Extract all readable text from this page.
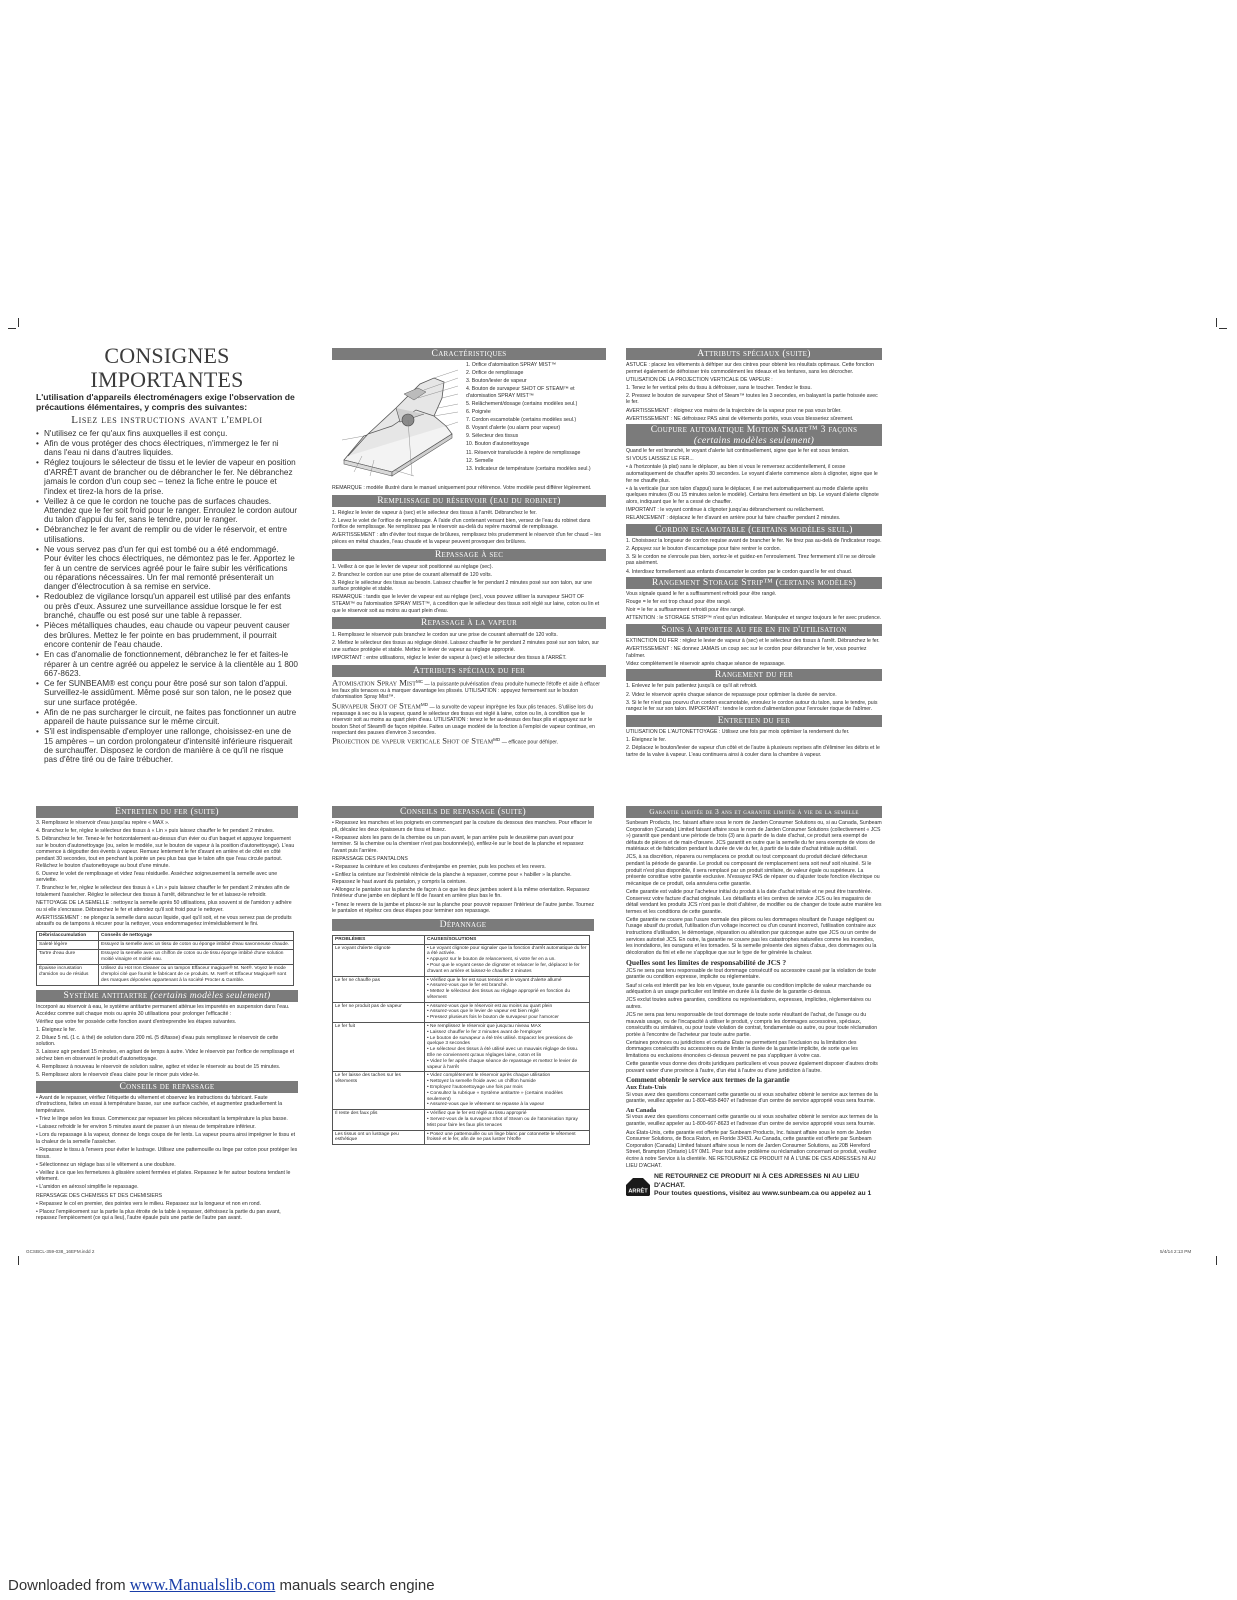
CONSIGNES IMPORTANTES
L'utilisation d'appareils électroménagers exige l'observation de précautions élémentaires, y compris des suivantes:
Lisez les instructions avant l'emploi
• N'utilisez ce fer qu'aux fins auxquelles il est conçu.
• Afin de vous protéger des chocs électriques, n'immergez le fer ni dans l'eau ni dans d'autres liquides.
• Réglez toujours le sélecteur de tissu et le levier de vapeur en position d'ARRÊT avant de brancher ou de débrancher le fer. Ne débranchez jamais le cordon d'un coup sec – tenez la fiche entre le pouce et l'index et tirez-la hors de la prise.
• Veillez à ce que le cordon ne touche pas de surfaces chaudes. Attendez que le fer soit froid pour le ranger. Enroulez le cordon autour du talon d'appui du fer, sans le tendre, pour le ranger.
• Débranchez le fer avant de remplir ou de vider le réservoir, et entre utilisations.
• Ne vous servez pas d'un fer qui est tombé ou a été endommagé. Pour éviter les chocs électriques, ne démontez pas le fer. Apportez le fer à un centre de services agréé pour le faire subir les vérifications ou réparations nécessaires. Un fer mal remonté présenterait un danger d'électrocution à sa remise en service.
• Redoublez de vigilance lorsqu'un appareil est utilisé par des enfants ou près d'eux. Assurez une surveillance assidue lorsque le fer est branché, chauffe ou est posé sur une table à repasser.
• Pièces métalliques chaudes, eau chaude ou vapeur peuvent causer des brûlures. Mettez le fer pointe en bas prudemment, il pourrait encore contenir de l'eau chaude.
• En cas d'anomalie de fonctionnement, débranchez le fer et faites-le réparer à un centre agréé ou appelez le service à la clientèle au 1 800 667-8623.
• Ce fer SUNBEAM® est conçu pour être posé sur son talon d'appui. Surveillez-le assidûment. Même posé sur son talon, ne le posez que sur une surface protégée.
• Afin de ne pas surcharger le circuit, ne faites pas fonctionner un autre appareil de haute puissance sur le même circuit.
• S'il est indispensable d'employer une rallonge, choisissez-en une de 15 ampères – un cordon prolongateur d'intensité inférieure risquerait de surchauffer. Disposez le cordon de manière à ce qu'il ne risque pas d'être tiré ou de faire trébucher.
Caractéristiques

1. Orifice d'atomisation SPRAY MIST™

2. Orifice de remplissage

3. Bouton/levier de vapeur

4. Bouton de survapeur SHOT OF STEAM™ et d'atomisation SPRAY MIST™

5. Relâchement/dosage (certains modèles seul.)

6. Poignée

7. Cordon escamotable (certains modèles seul.)

8. Voyant d'alerte (ou alarm pour vapeur)

9. Sélecteur des tissus

10. Bouton d'autonettoyage

11. Réservoir translucide à repère de remplissage

12. Semelle

13. Indicateur de température (certains modèles seul.)

REMARQUE : modèle illustré dans le manuel uniquement pour référence. Votre modèle peut différer légèrement.
Remplissage du réservoir (eau du robinet)

1. Réglez le levier de vapeur à (sec) et le sélecteur des tissus à l'arrêt. Débranchez le fer.

2. Levez le volet de l'orifice de remplissage. À l'aide d'un contenant versant bien, versez de l'eau du robinet dans l'orifice de remplissage. Ne remplissez pas le réservoir au-delà du repère maximal de remplissage.

AVERTISSEMENT : afin d'éviter tout risque de brûlures, remplissez très prudemment le réservoir d'un fer chaud – les pièces en métal chaudes, l'eau chaude et la vapeur peuvent provoquer des brûlures.

Repassage à sec

1. Veillez à ce que le levier de vapeur soit positionné au réglage (sec).

2. Branchez le cordon sur une prise de courant alternatif de 120 volts.

3. Réglez le sélecteur des tissus au besoin. Laissez chauffer le fer pendant 2 minutes posé sur son talon, sur une surface protégée et stable.

REMARQUE : tandis que le levier de vapeur est au réglage (sec), vous pouvez utiliser la survapeur SHOT OF STEAM™ ou l'atomisation SPRAY MIST™, à condition que le sélecteur des tissus soit réglé sur laine, coton ou lin et que le réservoir soit au moins au quart plein d'eau.

Repassage à la vapeur

1. Remplissez le réservoir puis branchez le cordon sur une prise de courant alternatif de 120 volts.

2. Mettez le sélecteur des tissus au réglage désiré. Laissez chauffer le fer pendant 2 minutes posé sur son talon, sur une surface protégée et stable. Mettez le levier de vapeur au réglage approprié.

IMPORTANT : entre utilisations, réglez le levier de vapeur à (sec) et le sélecteur des tissus à l'ARRÊT.

Attributs spéciaux du fer
Atomisation Spray Mist$^{MC}$ — la puissante pulvérisation d'eau produite humecte l'étoffe et aide à effacer les faux plis tenaces ou à marquer davantage les plissés. UTILISATION : appuyez fermement sur le bouton d'atomisation Spray Mist™.
Survapeur Shot of Steam$^{MD}$ — la survolte de vapeur imprègne les faux plis tenaces. S'utilise lors du repassage à sec ou à la vapeur, quand le sélecteur des tissus est réglé à laine, coton ou lin, à condition que le réservoir soit au moins au quart plein d'eau. UTILISATION : tenez le fer au-dessus des faux plis et appuyez sur le bouton Shot of Steam® de façon répétée. Faites un usage modéré de la fonction à l'emploi de vapeur continue, en respectant des pauses d'environ 3 secondes.
Projection de vapeur verticale Shot of Steam$^{MD}$ — efficace pour défriper.
Attributs spéciaux (suite)

ASTUCE : placez les vêtements à défriper sur des cintres pour obtenir les résultats optimaux. Cette fonction permet également de défroisser très commodément les rideaux et les tentures, sans les décrocher.

UTILISATION DE LA PROJECTION VERTICALE DE VAPEUR :

1. Tenez le fer vertical près du tissu à défroisser, sans le toucher. Tendez le tissu.

2. Pressez le bouton de survapeur Shot of Steam™ toutes les 3 secondes, en balayant la partie froissée avec le fer.

AVERTISSEMENT : éloignez vos mains de la trajectoire de la vapeur pour ne pas vous brûler.

AVERTISSEMENT : NE défroissez PAS ainsi de vêtements portés, vous vous blesseriez sûrement.

Coupure automatique Motion Smart™ 3 façons
(certains modèles seulement)

Quand le fer est branché, le voyant d'alerte luit continuellement, signe que le fer est sous tension.

SI VOUS LAISSEZ LE FER...

• à l'horizontale (à plat) sans le déplacer, au bien si vous le renversez accidentellement, il cesse automatiquement de chauffer après 30 secondes. Le voyant d'alerte commence alors à clignoter, signe que le fer ne chauffe plus.

• à la verticale (sur son talon d'appui) sans le déplacer, il se met automatiquement au mode d'alerte après quelques minutes (8 ou 15 minutes selon le modèle). Certains fers émettent un bip. Le voyant d'alerte clignote alors, indiquant que le fer a cessé de chauffer.

IMPORTANT : le voyant continue à clignoter jusqu'au débranchement ou relâchement.

RELANCEMENT : déplacez le fer d'avant en arrière pour lui faire chauffer pendant 2 minutes.

Cordon escamotable (certains modèles seul.)

1. Choisissez la longueur de cordon requise avant de brancher le fer. Ne tirez pas au-delà de l'indicateur rouge.

2. Appuyez sur le bouton d'escamotage pour faire rentrer le cordon.

3. Si le cordon ne s'enroule pas bien, sortez-le et guidez-en l'enroulement. Tirez fermement s'il ne se déroule pas aisément.

4. Interdisez formellement aux enfants d'escamoter le cordon par le cordon quand le fer est chaud.

Rangement Storage Strip™ (certains modèles)

Vous signale quand le fer a suffisamment refroidi pour être rangé.

Rouge = le fer est trop chaud pour être rangé.

Noir = le fer a suffisamment refroidi pour être rangé.

ATTENTION : le STORAGE STRIP™ n'est qu'un indicateur. Manipulez et rangez toujours le fer avec prudence.

Soins à apporter au fer en fin d'utilisation

EXTINCTION DU FER : réglez le levier de vapeur à (sec) et le sélecteur des tissus à l'arrêt. Débranchez le fer.

AVERTISSEMENT : NE donnez JAMAIS un coup sec sur le cordon pour débrancher le fer, vous pourriez l'abîmer.

Videz complètement le réservoir après chaque séance de repassage.

Rangement du fer

1. Enlevez le fer puis patientez jusqu'à ce qu'il ait refroidi.

2. Videz le réservoir après chaque séance de repassage pour optimiser la durée de service.

3. Si le fer n'est pas pourvu d'un cordon escamotable, enroulez le cordon autour du talon, sans le tendre, puis rangez le fer sur son talon. IMPORTANT : tendre le cordon d'alimentation pour l'enrouler risque de l'abîmer.

Entretien du fer

UTILISATION DE L'AUTONETTOYAGE : Utilisez une fois par mois optimiser la rendement du fer.

1. Éteignez le fer.

2. Déplacez le bouton/levier de vapeur d'un côté et de l'autre à plusieurs reprises afin d'éliminer les débris et le tartre de la valve à vapeur. L'eau continuera ainsi à couler dans la chambre à vapeur.

Entretien du fer (suite)

3. Remplissez le réservoir d'eau jusqu'au repère « MAX ».

4. Branchez le fer, réglez le sélecteur des tissus à « Lin » puis laissez chauffer le fer pendant 2 minutes.

5. Débranchez le fer. Tenez-le fer horizontalement au-dessus d'un évier ou d'un baquet et appuyez longuement sur le bouton d'autonettoyage (ou, selon le modèle, sur le bouton de vapeur à la position d'autonettoyage). L'eau commence à dégoutter des évents à vapeur. Remuez lentement le fer d'avant en arrière et de côté en côté pendant 30 secondes, tout en penchant la pointe un peu plus bas que le talon afin que l'eau circule partout. Relâchez le bouton d'autonettoyage au bout d'une minute.

6. Ouvrez le volet de remplissage et videz l'eau résiduelle. Asséchez soigneusement la semelle avec une serviette.

7. Branchez le fer, réglez le sélecteur des tissus à « Lin » puis laissez chauffer le fer pendant 2 minutes afin de totalement l'assécher. Réglez le sélecteur des tissus à l'arrêt, débranchez le fer et laissez-le refroidir.

NETTOYAGE DE LA SEMELLE : nettoyez la semelle après 50 utilisations, plus souvent si de l'amidon y adhère ou si elle s'encrasse. Débranchez le fer et attendez qu'il soit froid pour le nettoyer.

AVERTISSEMENT : ne plongez la semelle dans aucun liquide, quel qu'il soit, et ne vous servez pas de produits abrasifs ou de tampons à récurer pour la nettoyer, vous endommageriez irrémédiablement le fini.

Débris/accumulation	Conseils de nettoyage
Saleté légère	Essuyez la semelle avec un tissu de coton ou éponge imbibé d'eau savonneuse chaude.
Tartre d'eau dure	Essuyez la semelle avec un chiffon de coton ou de tissu éponge imbibé d'une solution moitié vinaigre et moitié eau.
Épaisse incrustation d'amidon ou de résidus	Utilisez du Hot Iron Cleaner ou un tampon Effaceur magique® M. Net®. Voyez le mode d'emploi cité que fournit le fabricant de ce produits. M. Net® et Effaceur Magique® sont des marques déposées appartenant à la société Procter & Gamble.
Système antitartre (certains modèles seulement)

Incorporé au réservoir à eau, le système antitartre permanent atténue les impuretés en suspension dans l'eau. Accédez comme suit chaque mois ou après 30 utilisations pour prolonger l'efficacité :

Vérifiez que votre fer possède cette fonction avant d'entreprendre les étapes suivantes.

1. Éteignez le fer.

2. Diluez 5 mL (1 c. à thé) de solution dans 200 mL (5 dl/tasse) d'eau puis remplissez le réservoir de cette solution.

3. Laissez agir pendant 15 minutes, en agitant de temps à autre. Videz le réservoir par l'orifice de remplissage et séchez bien en observant le produit d'autonettoyage.

4. Remplissez à nouveau le réservoir de solution saline, agitez et videz le réservoir au bout de 15 minutes.

5. Remplissez alors le réservoir d'eau claire pour le rincer puis videz-le.

Conseils de repassage

• Avant de le repasser, vérifiez l'étiquette du vêtement et observez les instructions du fabricant. Faute d'instructions, faites un essai à température basse, sur une surface cachée, et augmentez graduellement la température.

• Triez le linge selon les tissus. Commencez par repasser les pièces nécessitant la température la plus basse.

• Laissez refroidir le fer environ 5 minutes avant de passer à un niveau de température inférieur.

• Lors du repassage à la vapeur, donnez de longs coups de fer lents. La vapeur pourra ainsi imprégner le tissu et la chaleur de la semelle l'assécher.

• Repassez le tissu à l'envers pour éviter le lustrage. Utilisez une pattemouille ou linge par coton pour protéger les tissus.

• Sélectionnez un réglage bas si le vêtement a une doublure.

• Veillez à ce que les fermetures à glissière soient fermées et plates. Repassez le fer autour boutons tendant le vêtement.

• L'amidon en aérosol simplifie le repassage.

REPASSAGE DES CHEMISES ET DES CHEMISIERS

• Repassez le col en premier, des pointes vers le milieu. Repassez sur la longueur et non en rond.

• Placez l'empiècement sur la partie la plus étroite de la table à repasser, défroissez la partie du pan avant, repassez l'empiècement (ce qui a lieu), l'autre épaule puis une partie de l'autre pan avant.

Conseils de repassage (suite)

• Repassez les manches et les poignets en commençant par la couture du dessous des manches. Pour effacer le pli, décalez les deux épaisseurs de tissu et lissez.

• Repassez alors les pans de la chemise ou un pan avant, le pan arrière puis le deuxième pan avant pour terminer. Si la chemise ou la chemiser n'est pas boutonnée(s), enfilez-le sur le bout de la planche et repassez l'avant puis l'arrière.

REPASSAGE DES PANTALONS

• Repassez la ceinture et les coutures d'entrejambe en premier, puis les poches et les revers.

• Enfilez la ceinture sur l'extrémité rétrécie de la planche à repasser, comme pour « habiller » la planche. Repassez le haut avant du pantalon, y compris la ceinture.

• Allongez le pantalon sur la planche de façon à ce que les deux jambes soient à la même orientation. Repassez l'intérieur d'une jambe en dépliant le fil de l'avant en arrière plus bas le fin.

• Tenez le revers de la jambe et placez-le sur la planche pour pouvoir repasser l'intérieur de l'autre jambe. Tournez le pantalon et répétez ces deux étapes pour terminer son repassage.

Dépannage
PROBLÈMES	CAUSES/SOLUTIONS
Le voyant d'alerte clignote	• Le voyant clignote pour signaler que la fonction d'arrêt automatique du fer a été activée.
• Appuyez sur le bouton de relancement, si votre fer en a un.
• Pour que le voyant cesse de clignoter et relancer le fer, déplacez le fer d'avant en arrière et laissez-le chauffer 2 minutes
Le fer ne chauffe pas	• Vérifiez que le fer est sous tension et le voyant d'alerte allumé
• Assurez-vous que le fer est branché.
• Mettez le sélecteur des tissus au réglage approprié en fonction du vêtement
Le fer ne produit pas de vapeur	• Assurez-vous que le réservoir est au moins au quart plein
• Assurez-vous que le levier de vapeur est bien réglé
• Pressez plusieurs fois le bouton de survapeur pour l'amorcer
Le fer fuit	• Ne remplissez le réservoir que jusqu'au niveau MAX
• Laissez chauffer le fer 2 minutes avant de l'employer
• Le bouton de survapeur a été très utilisé. Espacez les pressions de quelque 3 secondes
• Le sélecteur des tissus à été utilisé avec un mauvais réglage de tissu. Elle ne conviennent qu'aux réglages laine, coton et lin
• Videz le fer après chaque séance de repassage et mettez le levier de vapeur à l'arrêt
Le fer laisse des taches sur les vêtements	• Videz complètement le réservoir après chaque utilisation
• Nettoyez la semelle froide avec un chiffon humide
• Employez l'autonettoyage une fois par mois
• Consultez la rubrique « Système antitartre » (certains modèles seulement)
• Assurez-vous que le vêtement se repasse à la vapeur
Il reste des faux plis	• Vérifiez que le fer est réglé au tissu approprié
• Servez-vous de la survapeur Shot of Steam ou de l'atomisation Spray Mist pour faire les faux plis tenaces
Les tissus ont un lustrage peu esthétique	• Posez une pattemouille ou un linge blanc par cotonnette le vêtement froissé et le fer, afin de ne pas lustrer l'étoffe
Garantie limitée de 3 ans et garantie limitée à vie de la semelle

Sunbeam Products, Inc. faisant affaire sous le nom de Jarden Consumer Solutions ou, si au Canada, Sunbeam Corporation (Canada) Limited faisant affaire sous le nom de Jarden Consumer Solutions (collectivement « JCS ») garantit que pendant une période de trois (3) ans à partir de la date d'achat, ce produit sera exempt de défauts de pièces et de main-d'œuvre. JCS garantit en outre que la semelle du fer sera exempte de vices de matériaux et de fabrication pendant la durée de vie du fer, à partir de la date d'achat initiale au détail.

JCS, à sa discrétion, réparera ou remplacera ce produit ou tout composant du produit déclaré défectueux pendant la période de garantie. Le produit ou composant de remplacement sera soit neuf soit réusiné. Si le produit n'est plus disponible, il sera remplacé par un produit similaire, de valeur égale ou supérieure. La présente constitue votre garantie exclusive. N'essayez PAS de réparer ou d'ajuster toute fonction électrique ou mécanique de ce produit, cela annulera cette garantie.

Cette garantie est valide pour l'acheteur initial du produit à la date d'achat initiale et ne peut être transférée. Conservez votre facture d'achat originale. Les détaillants et les centres de service JCS ou les magasins de détail vendant les produits JCS n'ont pas le droit d'altérer, de modifier ou de changer de toute autre manière les termes et les conditions de cette garantie.

Cette garantie ne couvre pas l'usure normale des pièces ou les dommages résultant de l'usage négligent ou l'usage abusif du produit, l'utilisation d'un voltage incorrect ou d'un courant incorrect, l'utilisation contraire aux instructions d'utilisation, le démontage, réparation ou altération par quiconque autre que JCS ou un centre de services autorisé JCS. En outre, la garantie ne couvre pas les catastrophes naturelles comme les incendies, les inondations, les ouragans et les tornades. Si la semelle présente des signes d'abus, des dommages ou la décoloration du fini et elle ne s'applique que sur le type de fer générée la chaleur.

Quelles sont les limites de responsabilité de JCS ?

JCS ne sera pas tenu responsable de tout dommage consécutif ou accessoire causé par la violation de toute garantie ou condition expresse, implicite ou réglementaire.

Sauf si cela est interdit par les lois en vigueur, toute garantie ou condition implicite de valeur marchande ou adéquation à un usage particulier est limitée en durée à la durée de la garantie ci-dessus.

JCS exclut toutes autres garanties, conditions ou représentations, expresses, implicites, réglementaires ou autres.

JCS ne sera pas tenu responsable de tout dommage de toute sorte résultant de l'achat, de l'usage ou du mauvais usage, ou de l'incapacité à utiliser le produit, y compris les dommages accessoires, spéciaux, consécutifs ou similaires, ou pour toute violation de contrat, fondamentale ou autre, ou pour toute réclamation portée à l'encontre de l'acheteur par toute autre partie.

Certaines provinces ou juridictions et certains États ne permettent pas l'exclusion ou la limitation des dommages consécutifs ou accessoires ou de limiter la durée de la garantie implicite, de sorte que les limitations ou exclusions énoncées ci-dessus peuvent ne pas s'appliquer à votre cas.

Cette garantie vous donne des droits juridiques particuliers et vous pouvez également disposer d'autres droits pouvant varier d'une province à l'autre, d'un état à l'autre ou d'une juridiction à l'autre.

Comment obtenir le service aux termes de la garantie
Aux États-Unis
Si vous avez des questions concernant cette garantie ou si vous souhaitez obtenir le service aux termes de la garantie, veuillez appeler au 1-800-458-8407 et l'adresse d'un centre de service approprié vous sera fournie.
Au Canada
Si vous avez des questions concernant cette garantie ou si vous souhaitez obtenir le service aux termes de la garantie, veuillez appeler au 1-800-667-8623 et l'adresse d'un centre de service approprié vous sera fournie.
Aux États-Unis, cette garantie est offerte par Sunbeam Products, Inc. faisant affaire sous le nom de Jarden Consumer Solutions, de Boca Raton, en Floride 33431. Au Canada, cette garantie est offerte par Sunbeam Corporation (Canada) Limited faisant affaire sous le nom de Jarden Consumer Solutions, au 20B Hereford Street, Brampton (Ontario) L6Y 0M1. Pour tout autre problème ou réclamation concernant ce produit, veuillez écrire à notre Service à la clientèle. NE RETOURNEZ CE PRODUIT NI À L'UNE DE CES ADRESSES NI AU LIEU D'ACHAT.
ARRÊT
NE RETOURNEZ CE PRODUIT NI À CES ADRESSES NI AU LIEU D'ACHAT.
Pour toutes questions, visitez au www.sunbeam.ca ou appelez au 1
GCSBCL-359-038_16EFM.indd 2	5/4/14 2:13 PM
Downloaded from www.Manualslib.com manuals search engine
